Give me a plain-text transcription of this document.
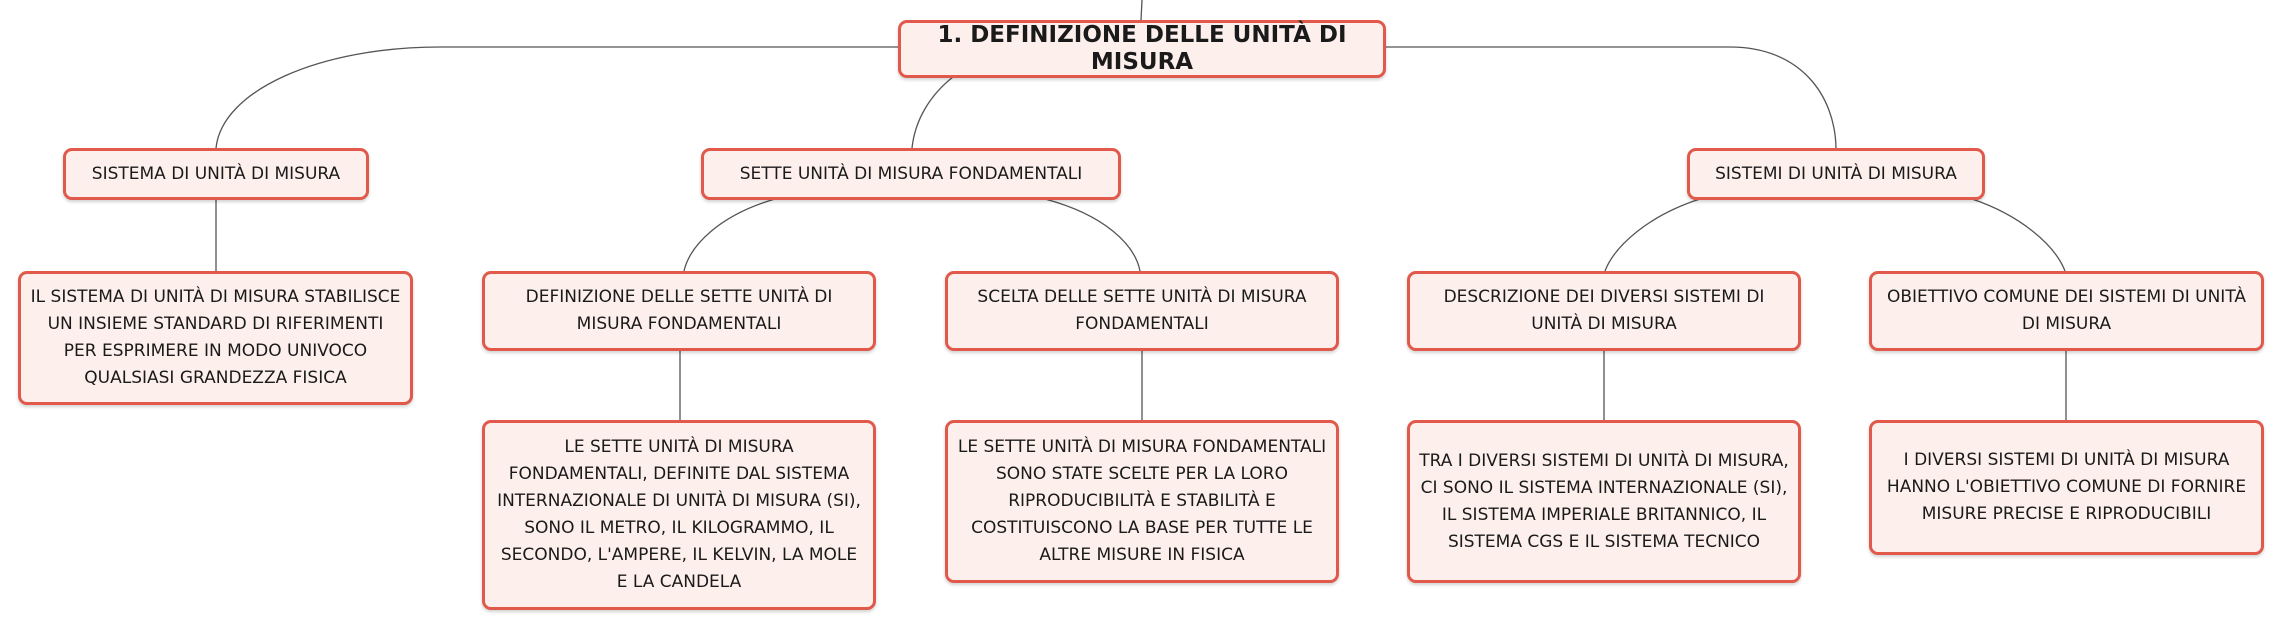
1. DEFINIZIONE DELLE UNITÀ DI MISURA
SISTEMA DI UNITÀ DI MISURA	SETTE UNITÀ DI MISURA FONDAMENTALI	SISTEMI DI UNITÀ DI MISURA
IL SISTEMA DI UNITÀ DI MISURA STABILISCE UN INSIEME STANDARD DI RIFERIMENTI PER ESPRIMERE IN MODO UNIVOCO QUALSIASI GRANDEZZA FISICA
DEFINIZIONE DELLE SETTE UNITÀ DI MISURA FONDAMENTALI
SCELTA DELLE SETTE UNITÀ DI MISURA FONDAMENTALI
DESCRIZIONE DEI DIVERSI SISTEMI DI UNITÀ DI MISURA
OBIETTIVO COMUNE DEI SISTEMI DI UNITÀ DI MISURA
LE SETTE UNITÀ DI MISURA FONDAMENTALI, DEFINITE DAL SISTEMA INTERNAZIONALE DI UNITÀ DI MISURA (SI), SONO IL METRO, IL KILOGRAMMO, IL SECONDO, L'AMPERE, IL KELVIN, LA MOLE E LA CANDELA
LE SETTE UNITÀ DI MISURA FONDAMENTALI SONO STATE SCELTE PER LA LORO RIPRODUCIBILITÀ E STABILITÀ E COSTITUISCONO LA BASE PER TUTTE LE ALTRE MISURE IN FISICA
TRA I DIVERSI SISTEMI DI UNITÀ DI MISURA, CI SONO IL SISTEMA INTERNAZIONALE (SI), IL SISTEMA IMPERIALE BRITANNICO, IL SISTEMA CGS E IL SISTEMA TECNICO
I DIVERSI SISTEMI DI UNITÀ DI MISURA HANNO L'OBIETTIVO COMUNE DI FORNIRE MISURE PRECISE E RIPRODUCIBILI
